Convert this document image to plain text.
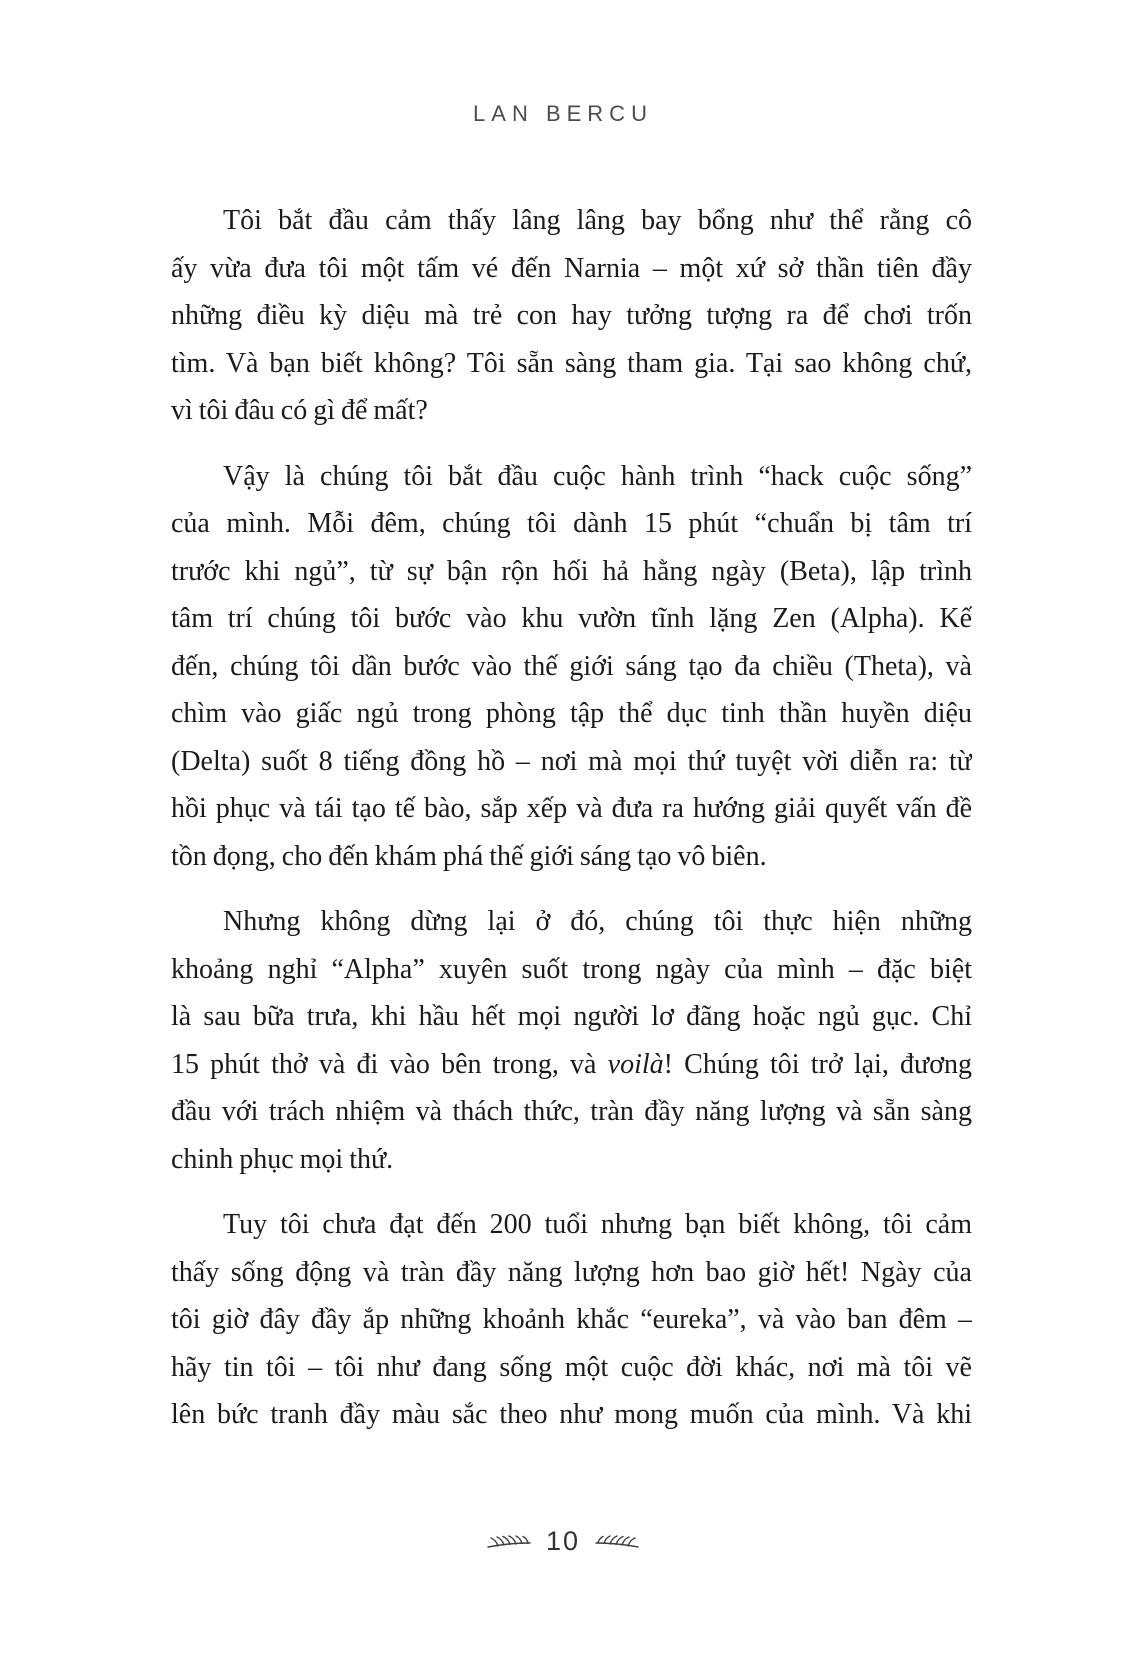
LAN BERCU
Tôi bắt đầu cảm thấy lâng lâng bay bổng như thể rằng cô
ấy vừa đưa tôi một tấm vé đến Narnia – một xứ sở thần tiên đầy
những điều kỳ diệu mà trẻ con hay tưởng tượng ra để chơi trốn
tìm. Và bạn biết không? Tôi sẵn sàng tham gia. Tại sao không chứ,
vì tôi đâu có gì để mất?
Vậy là chúng tôi bắt đầu cuộc hành trình “hack cuộc sống”
của mình. Mỗi đêm, chúng tôi dành 15 phút “chuẩn bị tâm trí
trước khi ngủ”, từ sự bận rộn hối hả hằng ngày (Beta), lập trình
tâm trí chúng tôi bước vào khu vườn tĩnh lặng Zen (Alpha). Kế
đến, chúng tôi dần bước vào thế giới sáng tạo đa chiều (Theta), và
chìm vào giấc ngủ trong phòng tập thể dục tinh thần huyền diệu
(Delta) suốt 8 tiếng đồng hồ – nơi mà mọi thứ tuyệt vời diễn ra: từ
hồi phục và tái tạo tế bào, sắp xếp và đưa ra hướng giải quyết vấn đề
tồn đọng, cho đến khám phá thế giới sáng tạo vô biên.
Nhưng không dừng lại ở đó, chúng tôi thực hiện những
khoảng nghỉ “Alpha” xuyên suốt trong ngày của mình – đặc biệt
là sau bữa trưa, khi hầu hết mọi người lơ đãng hoặc ngủ gục. Chỉ
15 phút thở và đi vào bên trong, và voilà! Chúng tôi trở lại, đương
đầu với trách nhiệm và thách thức, tràn đầy năng lượng và sẵn sàng
chinh phục mọi thứ.
Tuy tôi chưa đạt đến 200 tuổi nhưng bạn biết không, tôi cảm
thấy sống động và tràn đầy năng lượng hơn bao giờ hết! Ngày của
tôi giờ đây đầy ắp những khoảnh khắc “eureka”, và vào ban đêm –
hãy tin tôi – tôi như đang sống một cuộc đời khác, nơi mà tôi vẽ
lên bức tranh đầy màu sắc theo như mong muốn của mình. Và khi
10
